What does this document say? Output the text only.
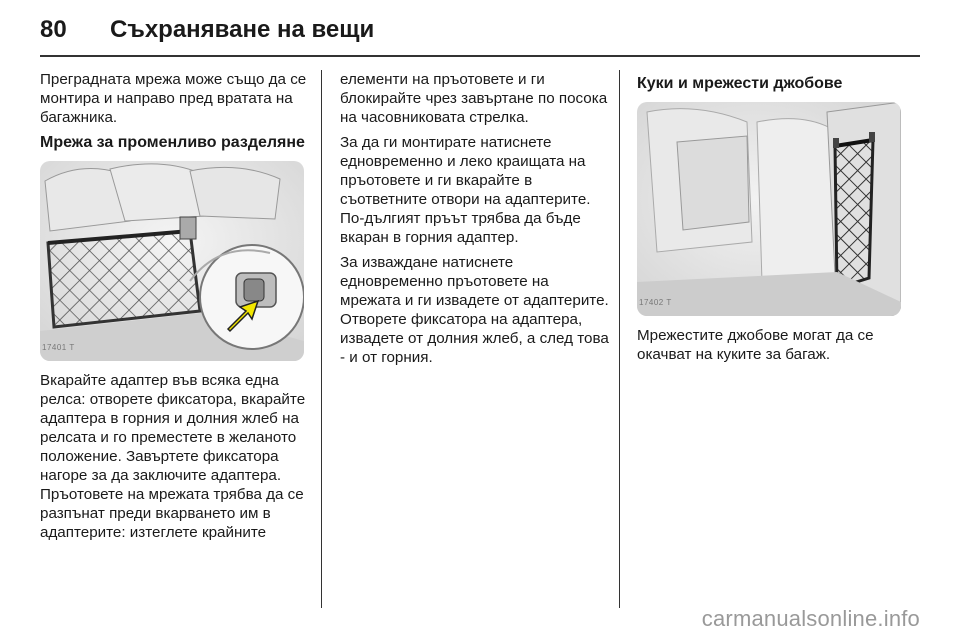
80	Съхраняване на вещи

Преградната мрежа може също да се монтира и направо пред вратата на багажника.

Мрежа за променливо разделяне
17401 T

Вкарайте адаптер във всяка една релса: отворете фиксатора, вкарайте адаптера в горния и долния жлеб на релсата и го преместете в желаното положение. Завъртете фиксатора нагоре за да заключите адаптера. Пръотовете на мрежата трябва да се разпънат преди вкарването им в адаптерите: изтеглете крайните

елементи на пръотовете и ги блокирайте чрез завъртане по посока на часовниковата стрелка.

За да ги монтирате натиснете едновременно и леко краищата на пръотовете и ги вкарайте в съответните отвори на адаптерите. По-дългият пръът трябва да бъде вкаран в горния адаптер.

За изваждане натиснете едновременно пръотовете на мрежата и ги извадете от адаптерите. Отворете фиксатора на адаптера, извадете от долния жлеб, а след това - и от горния.

Куки и мрежести джобове
17402 T

Мрежестите джобове могат да се окачват на куките за багаж.

carmanualsonline.info
